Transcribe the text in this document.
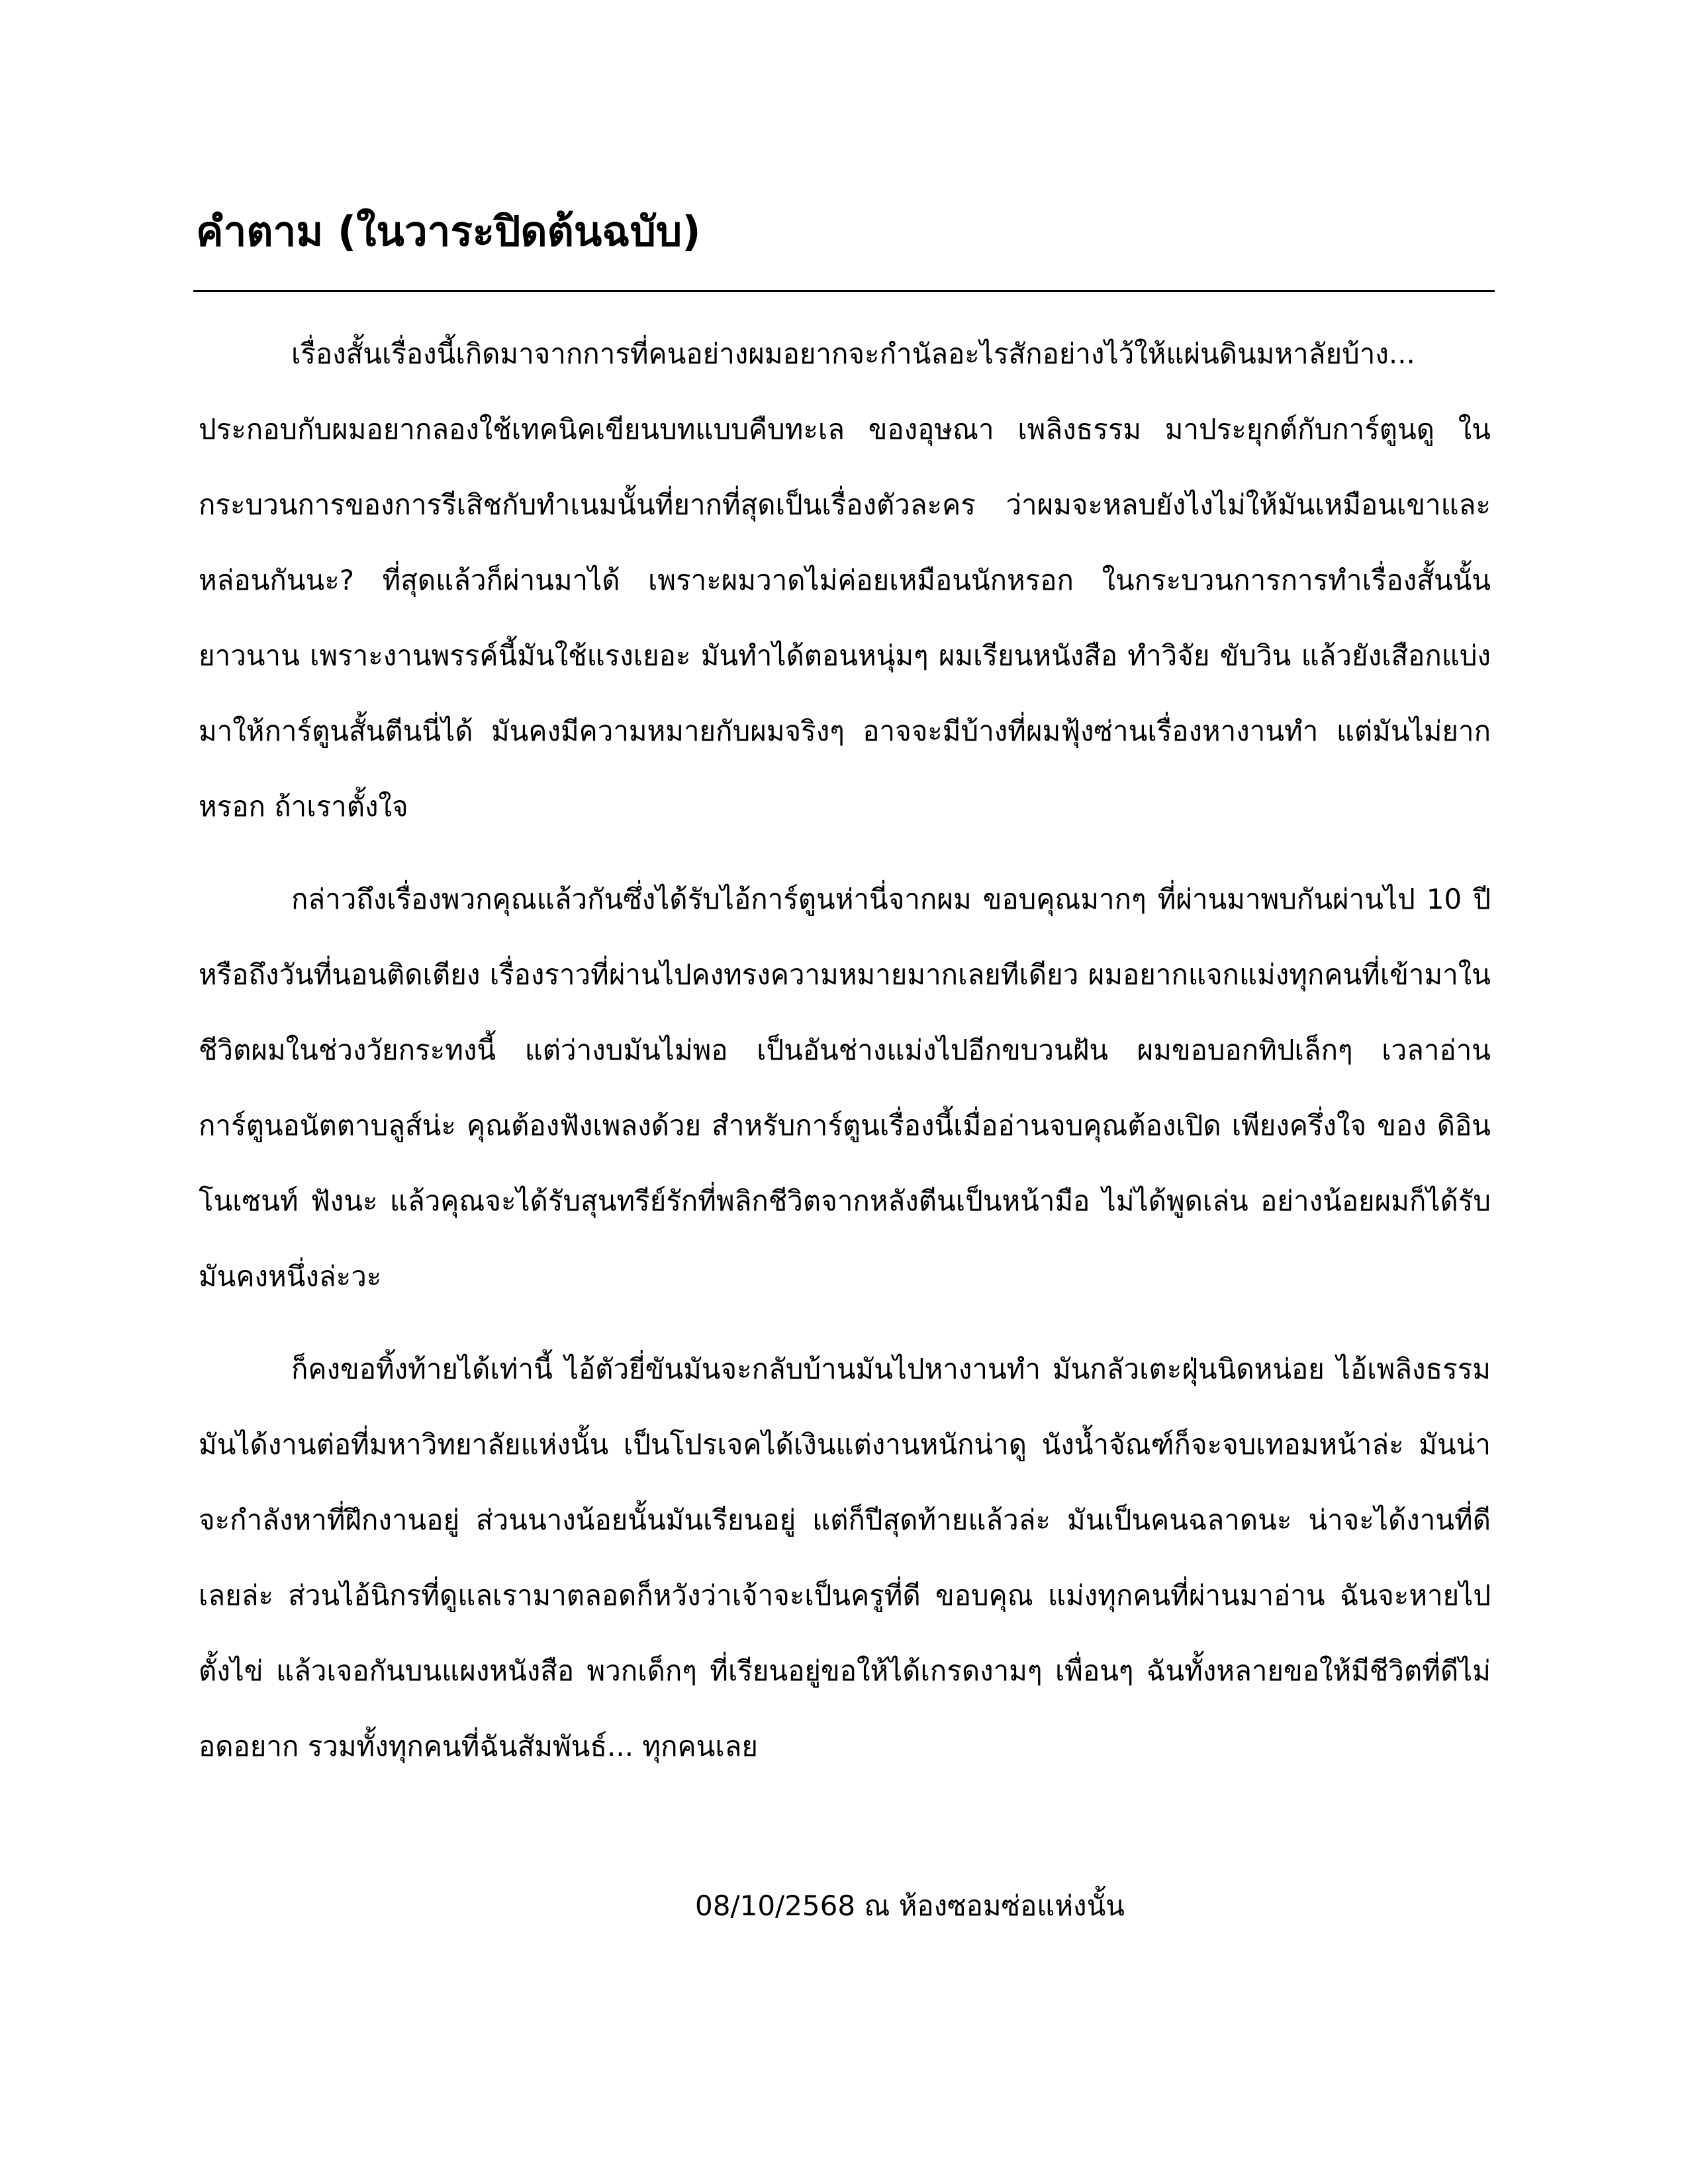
คำตาม (ในวาระปิดต้นฉบับ)

เรื่องสั้นเรื่องนี้เกิดมาจากการที่คนอย่างผมอยากจะกำนัลอะไรสักอย่างไว้ให้แผ่นดินมหาลัยบ้าง... ประกอบกับผมอยากลองใช้เทคนิคเขียนบทแบบคืบทะเล ของอุษณา เพลิงธรรม มาประยุกต์กับการ์ตูนดู ในกระบวนการของการรีเสิชกับทำเนมนั้นที่ยากที่สุดเป็นเรื่องตัวละคร ว่าผมจะหลบยังไงไม่ให้มันเหมือนเขาและหล่อนกันนะ? ที่สุดแล้วก็ผ่านมาได้ เพราะผมวาดไม่ค่อยเหมือนนักหรอก ในกระบวนการการทำเรื่องสั้นนั้นยาวนาน เพราะงานพรรค์นี้มันใช้แรงเยอะ มันทำได้ตอนหนุ่มๆ ผมเรียนหนังสือ ทำวิจัย ขับวิน แล้วยังเสือกแบ่งมาให้การ์ตูนสั้นตีนนี่ได้ มันคงมีความหมายกับผมจริงๆ อาจจะมีบ้างที่ผมฟุ้งซ่านเรื่องหางานทำ แต่มันไม่ยากหรอก ถ้าเราตั้งใจ

กล่าวถึงเรื่องพวกคุณแล้วกันซึ่งได้รับไอ้การ์ตูนห่านี่จากผม ขอบคุณมากๆ ที่ผ่านมาพบกันผ่านไป 10 ปี หรือถึงวันที่นอนติดเตียง เรื่องราวที่ผ่านไปคงทรงความหมายมากเลยทีเดียว ผมอยากแจกแม่งทุกคนที่เข้ามาในชีวิตผมในช่วงวัยกระทงนี้ แต่ว่างบมันไม่พอ เป็นอันช่างแม่งไปอีกขบวนฝัน ผมขอบอกทิปเล็กๆ เวลาอ่านการ์ตูนอนัตตาบลูส์น่ะ คุณต้องฟังเพลงด้วย สำหรับการ์ตูนเรื่องนี้เมื่ออ่านจบคุณต้องเปิด เพียงครึ่งใจ ของ ดิอินโนเซนท์ ฟังนะ แล้วคุณจะได้รับสุนทรีย์รักที่พลิกชีวิตจากหลังตีนเป็นหน้ามือ ไม่ได้พูดเล่น อย่างน้อยผมก็ได้รับมันคงหนึ่งล่ะวะ

ก็คงขอทิ้งท้ายได้เท่านี้ ไอ้ตัวยี่ขันมันจะกลับบ้านมันไปหางานทำ มันกลัวเตะฝุ่นนิดหน่อย ไอ้เพลิงธรรมมันได้งานต่อที่มหาวิทยาลัยแห่งนั้น เป็นโปรเจคได้เงินแต่งานหนักน่าดู นังน้ำจัณฑ์ก็จะจบเทอมหน้าล่ะ มันน่าจะกำลังหาที่ฝึกงานอยู่ ส่วนนางน้อยนั้นมันเรียนอยู่ แต่ก็ปีสุดท้ายแล้วล่ะ มันเป็นคนฉลาดนะ น่าจะได้งานที่ดีเลยล่ะ ส่วนไอ้นิกรที่ดูแลเรามาตลอดก็หวังว่าเจ้าจะเป็นครูที่ดี ขอบคุณ แม่งทุกคนที่ผ่านมาอ่าน ฉันจะหายไปตั้งไข่ แล้วเจอกันบนแผงหนังสือ พวกเด็กๆ ที่เรียนอยู่ขอให้ได้เกรดงามๆ เพื่อนๆ ฉันทั้งหลายขอให้มีชีวิตที่ดีไม่อดอยาก รวมทั้งทุกคนที่ฉันสัมพันธ์... ทุกคนเลย

08/10/2568 ณ ห้องซอมซ่อแห่งนั้น
